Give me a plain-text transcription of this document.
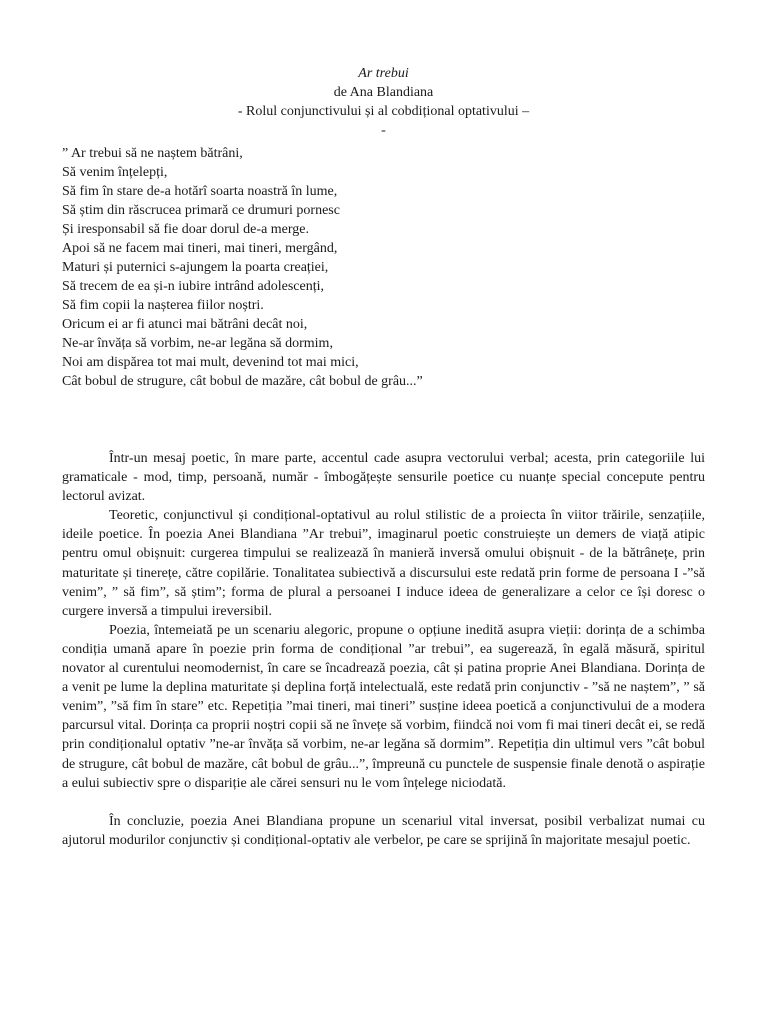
Ar trebui
de Ana Blandiana
- Rolul conjunctivului și al cobdițional optativului –
-
” Ar trebui să ne naștem bătrâni,
Să venim înțelepți,
Să fim în stare de-a hotărî soarta noastră în lume,
Să știm din răscrucea primară ce drumuri pornesc
Și iresponsabil să fie doar dorul de-a merge.
Apoi să ne facem mai tineri, mai tineri, mergând,
Maturi și puternici s-ajungem la poarta creației,
Să trecem de ea și-n iubire intrând adolescenți,
Să fim copii la nașterea fiilor noștri.
Oricum ei ar fi atunci mai bătrâni decât noi,
Ne-ar învăța să vorbim, ne-ar legăna să dormim,
Noi am dispărea tot mai mult, devenind tot mai mici,
Cât bobul de strugure, cât bobul de mazăre, cât bobul de grâu...”

Într-un mesaj poetic, în mare parte, accentul cade asupra vectorului verbal; acesta, prin categoriile lui gramaticale - mod, timp, persoană, număr - îmbogățește sensurile poetice cu nuanțe special concepute pentru lectorul avizat.

Teoretic, conjunctivul și condițional-optativul au rolul stilistic de a proiecta în viitor trăirile, senzațiile, ideile poetice. În poezia Anei Blandiana ”Ar trebui”, imaginarul poetic construiește un demers de viață atipic pentru omul obișnuit: curgerea timpului se realizează în manieră inversă omului obișnuit - de la bătrânețe, prin maturitate și tinerețe, către copilărie. Tonalitatea subiectivă a discursului este redată prin forme de persoana I -”să venim”, ” să fim”, să știm”; forma de plural a persoanei I induce ideea de generalizare a celor ce își doresc o curgere inversă a timpului ireversibil.

Poezia, întemeiată pe un scenariu alegoric, propune o opțiune inedită asupra vieții: dorința de a schimba condiția umană apare în poezie prin forma de condițional ”ar trebui”, ea sugerează, în egală măsură, spiritul novator al curentului neomodernist, în care se încadrează poezia, cât și patina proprie Anei Blandiana. Dorința de a venit pe lume la deplina maturitate și deplina forță intelectuală, este redată prin conjunctiv - ”să ne naștem”, ” să venim”, ”să fim în stare” etc. Repetiția ”mai tineri, mai tineri” susține ideea poetică a conjunctivului de a modera parcursul vital. Dorința ca proprii noștri copii să ne învețe să vorbim, fiindcă noi vom fi mai tineri decât ei, se redă prin condiționalul optativ ”ne-ar învăța să vorbim, ne-ar legăna să dormim”. Repetiția din ultimul vers ”cât bobul de strugure, cât bobul de mazăre, cât bobul de grâu...”, împreună cu punctele de suspensie finale denotă o aspirație a eului subiectiv spre o dispariție ale cărei sensuri nu le vom înțelege niciodată.

În concluzie, poezia Anei Blandiana propune un scenariul vital inversat, posibil verbalizat numai cu ajutorul modurilor conjunctiv și condițional-optativ ale verbelor, pe care se sprijină în majoritate mesajul poetic.
